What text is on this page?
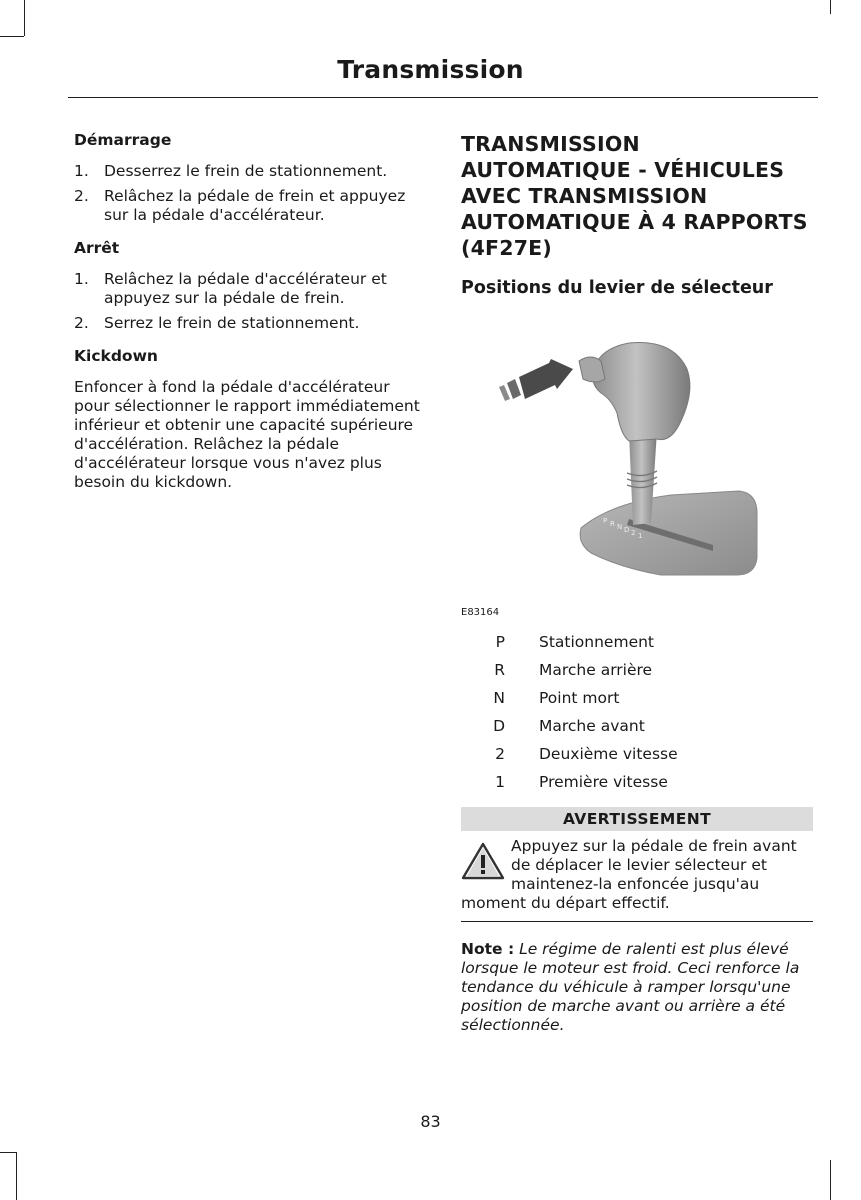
Transmission
Démarrage
1. Desserrez le frein de stationnement.
2. Relâchez la pédale de frein et appuyez sur la pédale d'accélérateur.
Arrêt
1. Relâchez la pédale d'accélérateur et appuyez sur la pédale de frein.
2. Serrez le frein de stationnement.
Kickdown

Enfoncer à fond la pédale d'accélérateur pour sélectionner le rapport immédiatement inférieur et obtenir une capacité supérieure d'accélération. Relâchez la pédale d'accélérateur lorsque vous n'avez plus besoin du kickdown.

TRANSMISSION AUTOMATIQUE - VÉHICULES AVEC TRANSMISSION AUTOMATIQUE À 4 RAPPORTS (4F27E)
Positions du levier de sélecteur
P R N D 2 1
E83164
P	Stationnement
R	Marche arrière
N	Point mort
D	Marche avant
2	Deuxième vitesse
1	Première vitesse
AVERTISSEMENT
Appuyez sur la pédale de frein avant de déplacer le levier sélecteur et maintenez-la enfoncée jusqu'au moment du départ effectif.
Note : Le régime de ralenti est plus élevé lorsque le moteur est froid. Ceci renforce la tendance du véhicule à ramper lorsqu'une position de marche avant ou arrière a été sélectionnée.
83
